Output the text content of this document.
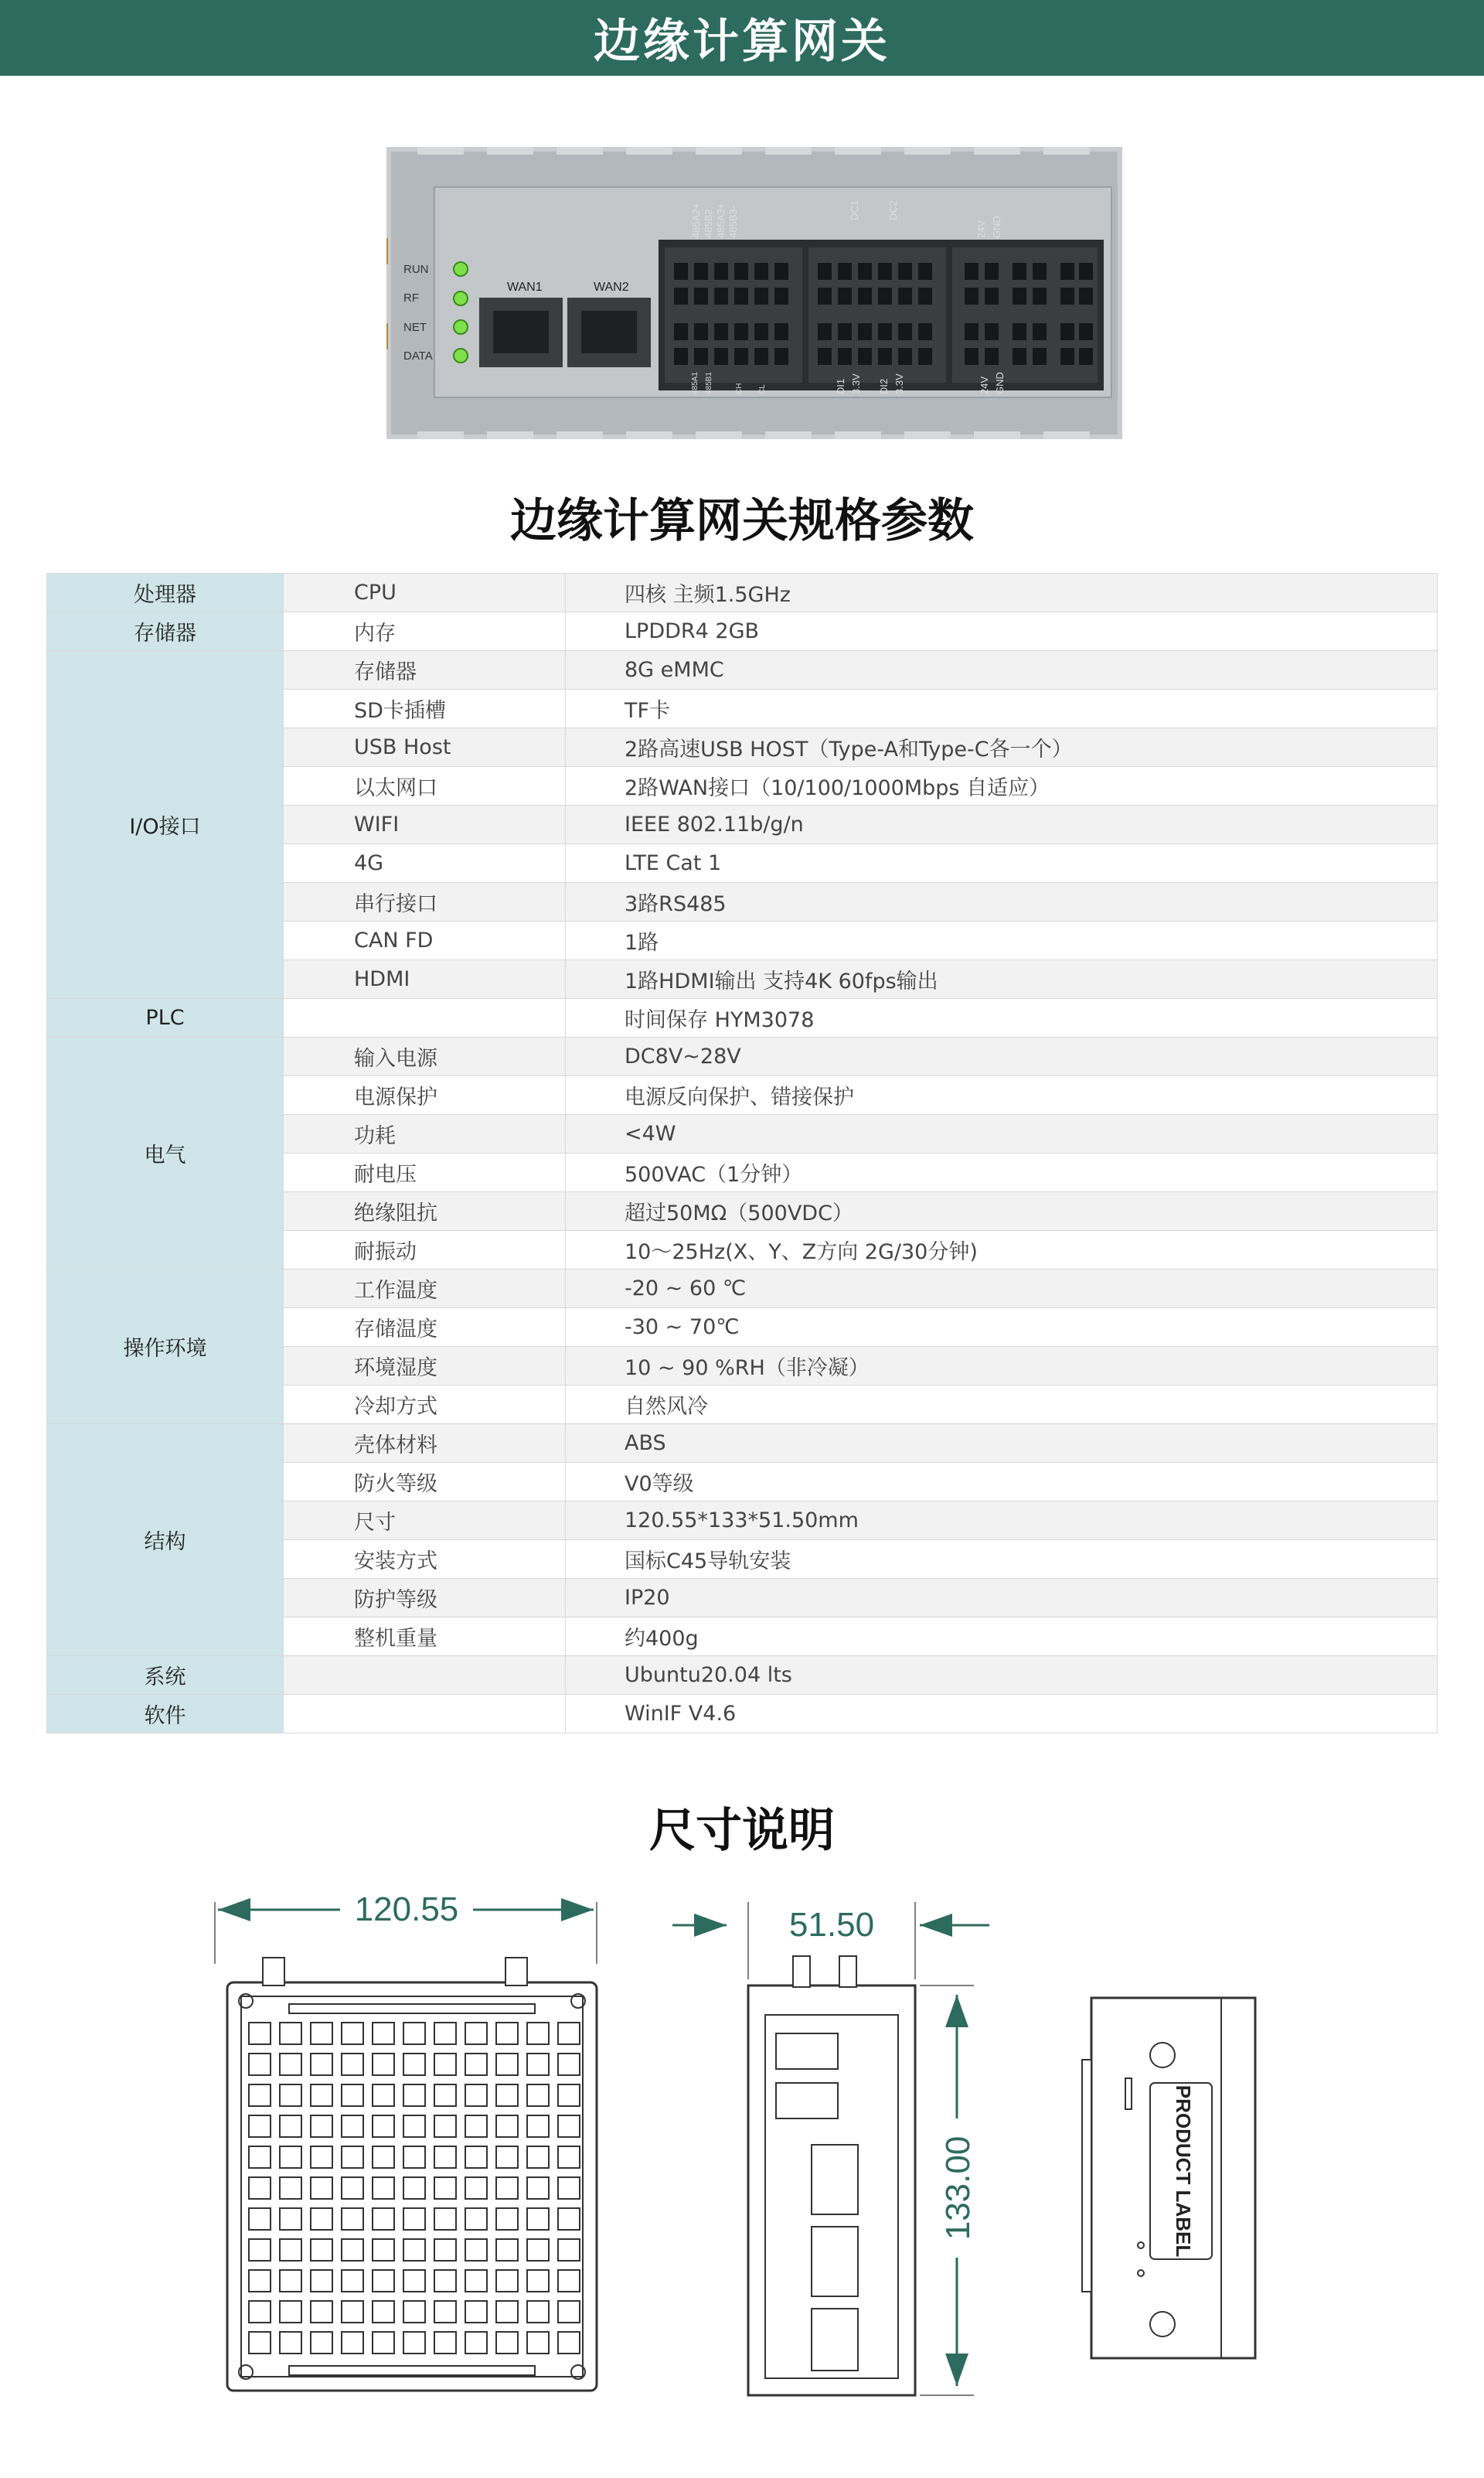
边缘计算网关
RUN
RF
NET
DATA
WAN1	WAN2
485A2+ 485B2 485A3+ 485B3-	DC1	DC2
24V GND
485A1 485B1	CH CL	DI1 3.3V DI2 3.3V	24V GND
边缘计算网关规格参数
处理器	CPU	四核 主频1.5GHz
存储器	内存	LPDDR4 2GB
I/O接口	存储器	8G eMMC
	SD卡插槽	TF卡
	USB Host	2路高速USB HOST（Type-A和Type-C各一个）
	以太网口	2路WAN接口（10/100/1000Mbps 自适应）
	WIFI	IEEE 802.11b/g/n
	4G	LTE Cat 1
	串行接口	3路RS485
	CAN FD	1路
	HDMI	1路HDMI输出 支持4K 60fps输出
PLC		时间保存 HYM3078
电气	输入电源	DC8V~28V
	电源保护	电源反向保护、错接保护
	功耗	<4W
	耐电压	500VAC（1分钟）
	绝缘阻抗	超过50MΩ（500VDC）
	耐振动	10～25Hz(X、Y、Z方向 2G/30分钟)
操作环境	工作温度	-20 ~ 60 ℃
	存储温度	-30 ~ 70℃
	环境湿度	10 ~ 90 %RH（非冷凝）
	冷却方式	自然风冷
结构	壳体材料	ABS
	防火等级	V0等级
	尺寸	120.55*133*51.50mm
	安装方式	国标C45导轨安装
	防护等级	IP20
	整机重量	约400g
系统		Ubuntu20.04 lts
软件		WinIF V4.6
尺寸说明
120.55	51.50
133.00	PRODUCT LABEL
